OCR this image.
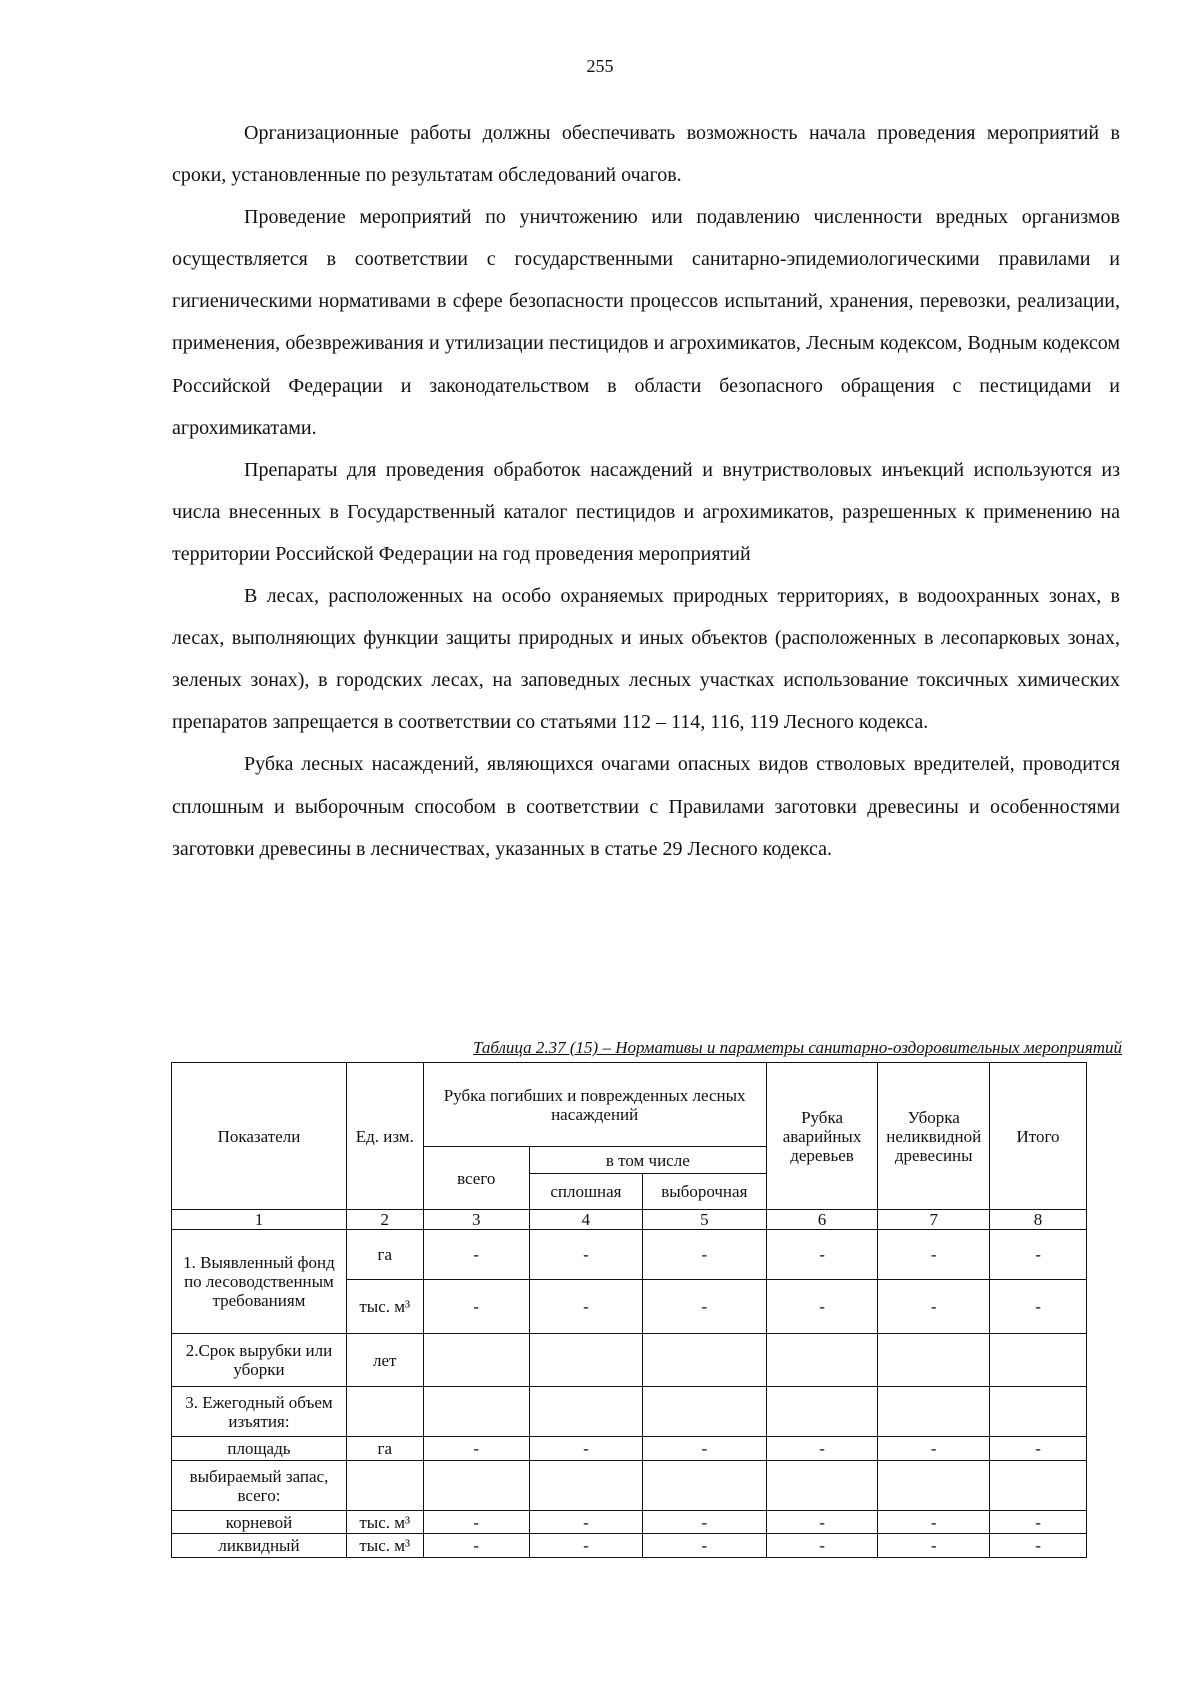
255

Организационные работы должны обеспечивать возможность начала проведения мероприятий в сроки, установленные по результатам обследований очагов.

Проведение мероприятий по уничтожению или подавлению численности вредных организмов осуществляется в соответствии с государственными санитарно-эпидемиологическими правилами и гигиеническими нормативами в сфере безопасности процессов испытаний, хранения, перевозки, реализации, применения, обезвреживания и утилизации пестицидов и агрохимикатов, Лесным кодексом, Водным кодексом Российской Федерации и законодательством в области безопасного обращения с пестицидами и агрохимикатами.

Препараты для проведения обработок насаждений и внутриствoловых инъекций используются из числа внесенных в Государственный каталог пестицидов и агрохимикатов, разрешенных к применению на территории Российской Федерации на год проведения мероприятий

В лесах, расположенных на особо охраняемых природных территориях, в водоохранных зонах, в лесах, выполняющих функции защиты природных и иных объектов (расположенных в лесопарковых зонах, зеленых зонах), в городских лесах, на заповедных лесных участках использование токсичных химических препаратов запрещается в соответствии со статьями 112 – 114, 116, 119 Лесного кодекса.

Рубка лесных насаждений, являющихся очагами опасных видов стволовых вредителей, проводится сплошным и выборочным способом в соответствии с Правилами заготовки древесины и особенностями заготовки древесины в лесничествах, указанных в статье 29 Лесного кодекса.

Таблица 2.37 (15) – Нормативы и параметры санитарно-оздоровительных мероприятий
Показатели	Ед. изм.	Рубка погибших и поврежденных лесных насаждений			Рубка аварийных деревьев	Уборка неликвидной древесины	Итого
		всего	в том числе				
			сплошная	выборочная			
1	2	3	4	5	6	7	8
1. Выявленный фонд по лесоводственным требованиям	га	-	-	-	-	-	-
	тыс. м³	-	-	-	-	-	-
2.Срок вырубки или уборки	лет						
3. Ежегодный объем изъятия:							
площадь	га	-	-	-	-	-	-
выбираемый запас, всего:							
корневой	тыс. м³	-	-	-	-	-	-
ликвидный	тыс. м³	-	-	-	-	-	-
